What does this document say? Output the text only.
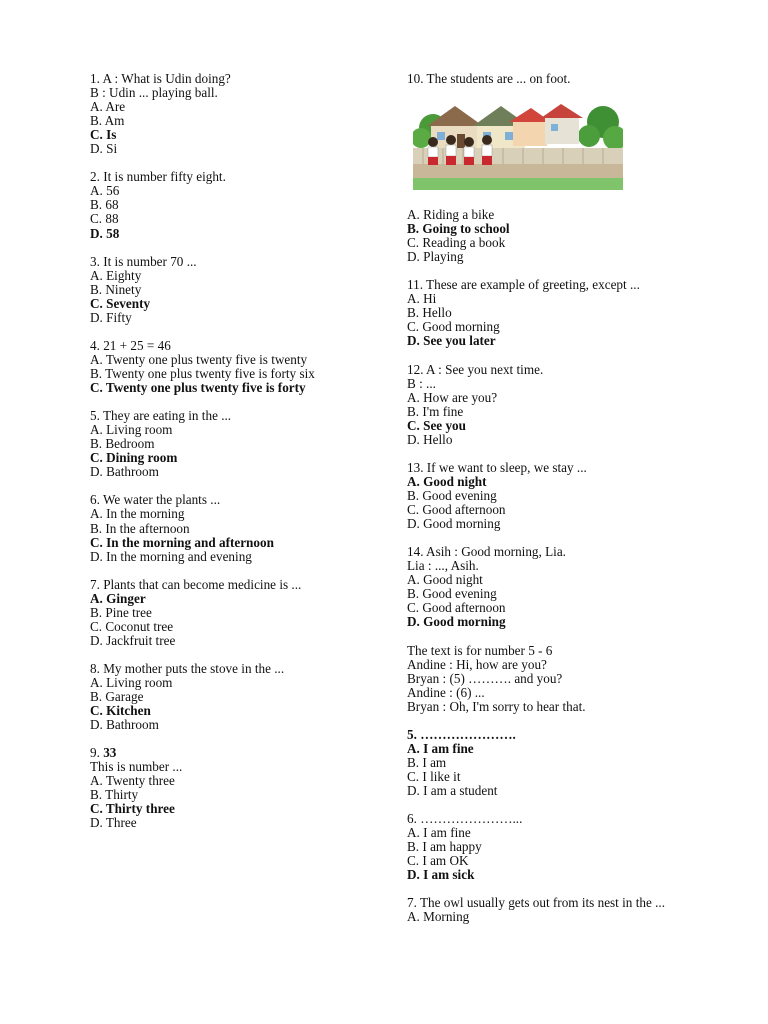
1. A : What is Udin doing?
B : Udin ... playing ball.
A. Are
B. Am
C. Is
D. Si
2. It is number fifty eight.
A. 56
B. 68
C. 88
D. 58
3. It is number 70 ...
A. Eighty
B. Ninety
C. Seventy
D. Fifty
4. 21 + 25 = 46
A. Twenty one plus twenty five is twenty
B. Twenty one plus twenty five is forty six
C. Twenty one plus twenty five is forty
5. They are eating in the ...
A. Living room
B. Bedroom
C. Dining room
D. Bathroom
6. We water the plants ...
A. In the morning
B. In the afternoon
C. In the morning and afternoon
D. In the morning and evening
7. Plants that can become medicine is ...
A. Ginger
B. Pine tree
C. Coconut tree
D. Jackfruit tree
8. My mother puts the stove in the ...
A. Living room
B. Garage
C. Kitchen
D. Bathroom
9. 33
This is number ...
A. Twenty three
B. Thirty
C. Thirty three
D. Three
10. The students are ... on foot.
A. Riding a bike
B. Going to school
C. Reading a book
D. Playing
11. These are example of greeting, except ...
A. Hi
B. Hello
C. Good morning
D. See you later
12. A : See you next time.
B : ...
A. How are you?
B. I'm fine
C. See you
D. Hello
13. If we want to sleep, we stay ...
A. Good night
B. Good evening
C. Good afternoon
D. Good morning
14. Asih : Good morning, Lia.
Lia : ..., Asih.
A. Good night
B. Good evening
C. Good afternoon
D. Good morning
The text is for number 5 - 6
Andine : Hi, how are you?
Bryan : (5) ………. and you?
Andine : (6) ...
Bryan : Oh, I'm sorry to hear that.
5. ………………….
A. I am fine
B. I am
C. I like it
D. I am a student
6. …………………...
A. I am fine
B. I am happy
C. I am OK
D. I am sick
7. The owl usually gets out from its nest in the ...
A. Morning
